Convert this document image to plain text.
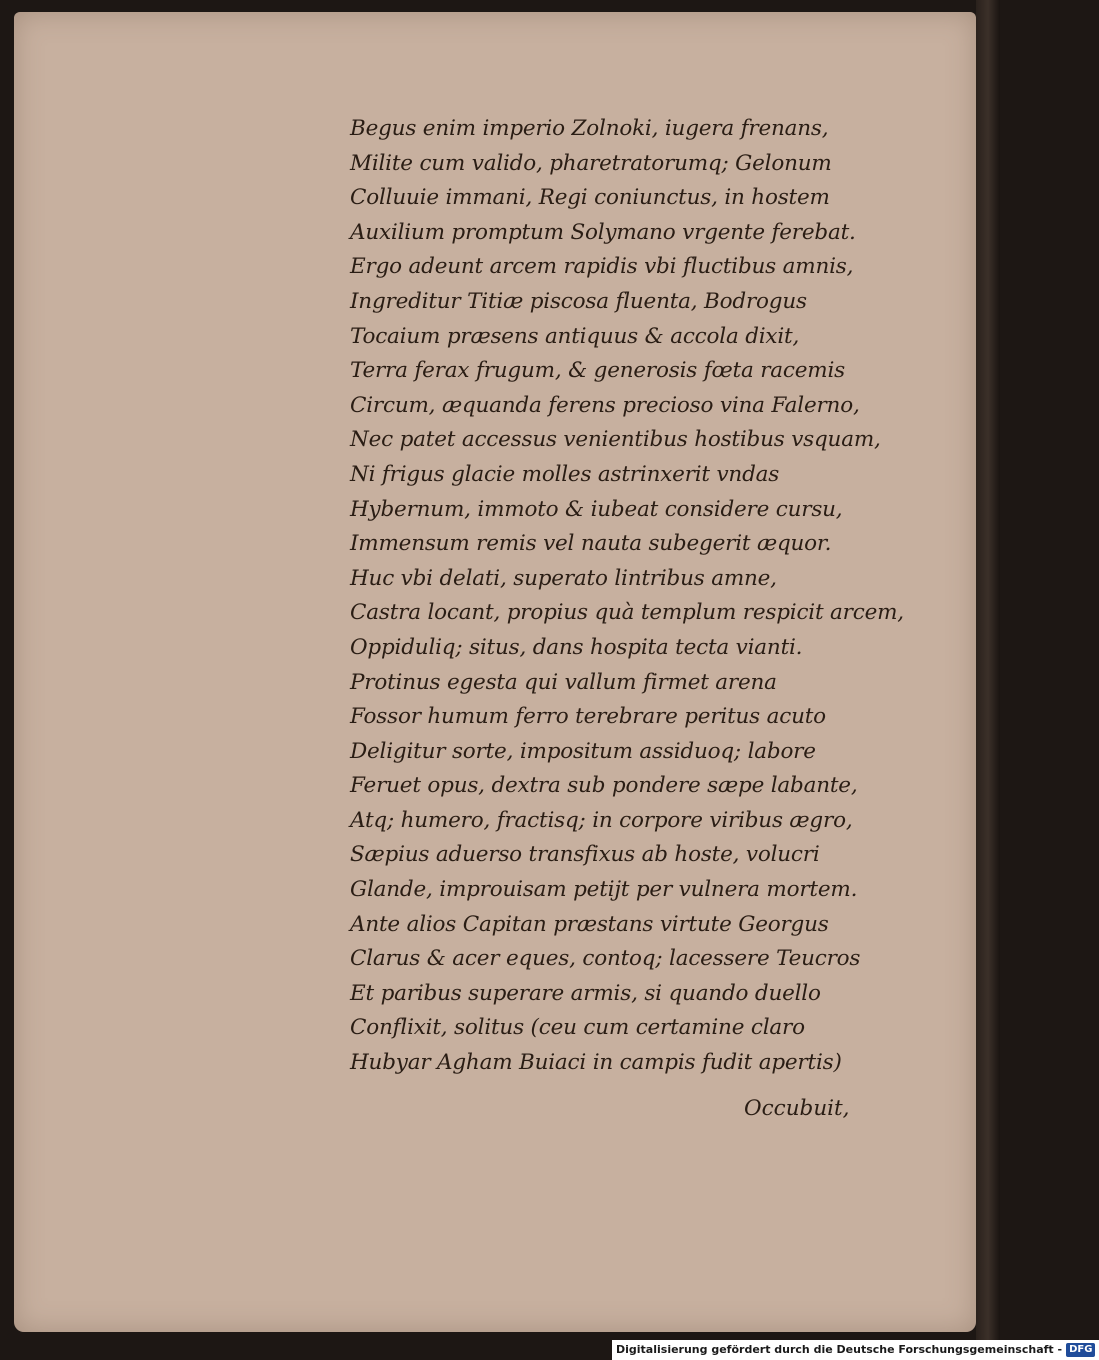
Begus enim imperio Zolnoki, iugera frenans,
Milite cum valido, pharetratorumq; Gelonum
Colluuie immani, Regi coniunctus, in hostem
Auxilium promptum Solymano vrgente ferebat.
Ergo adeunt arcem rapidis vbi fluctibus amnis,
Ingreditur Titiæ piscosa fluenta, Bodrogus
Tocaium præsens antiquus & accola dixit,
Terra ferax frugum, & generosis fœta racemis
Circum, æquanda ferens precioso vina Falerno,
Nec patet accessus venientibus hostibus vsquam,
Ni frigus glacie molles astrinxerit vndas
Hybernum, immoto & iubeat considere cursu,
Immensum remis vel nauta subegerit æquor.
Huc vbi delati, superato lintribus amne,
Castra locant, propius quà templum respicit arcem,
Oppiduliq; situs, dans hospita tecta vianti.
Protinus egesta qui vallum firmet arena
Fossor humum ferro terebrare peritus acuto
Deligitur sorte, impositum assiduoq; labore
Feruet opus, dextra sub pondere sæpe labante,
Atq; humero, fractisq; in corpore viribus ægro,
Sæpius aduerso transfixus ab hoste, volucri
Glande, improuisam petijt per vulnera mortem.
Ante alios Capitan præstans virtute Georgus
Clarus & acer eques, contoq; lacessere Teucros
Et paribus superare armis, si quando duello
Conflixit, solitus (ceu cum certamine claro
Hubyar Agham Buiaci in campis fudit apertis)
Occubuit,
Digitalisierung gefördert durch die Deutsche Forschungsgemeinschaft - DFG
